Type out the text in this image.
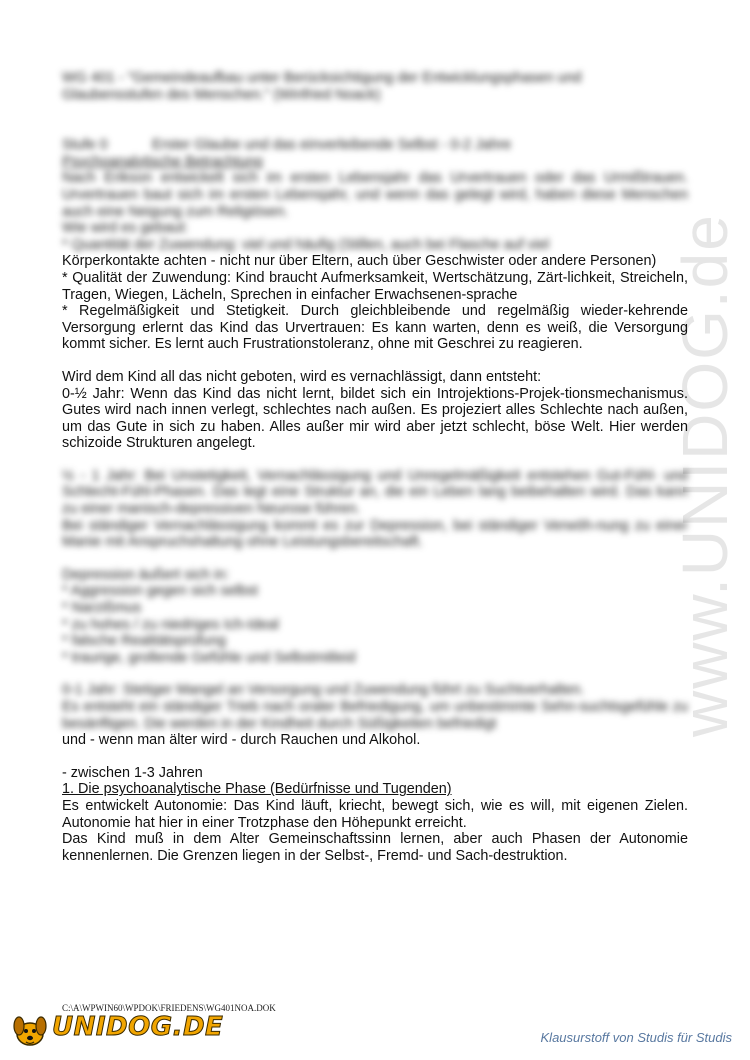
www.UNIDOG.de

WG 401 - "Gemeindeaufbau unter Berücksichtigung der Entwicklungsphasen und

Glaubensstufen des Menschen." (Winfried Noack)

Stufe 0	Erster Glaube und das einverleibende Selbst - 0-2 Jahre

Psychoanalytische Betrachtung

Nach Erikson entwickelt sich im ersten Lebensjahr das Urvertrauen oder das Urmißtrauen. Urvertrauen baut sich im ersten Lebensjahr, und wenn das gelegt wird, haben diese Menschen auch eine Neigung zum Religiösen.

Wie wird es gebaut:

* Quantität der Zuwendung: viel und häufig (Stillen, auch bei Flasche auf viel

Körperkontakte achten - nicht nur über Eltern, auch über Geschwister oder andere Personen)

* Qualität der Zuwendung: Kind braucht Aufmerksamkeit, Wertschätzung, Zärt-lichkeit, Streicheln, Tragen, Wiegen, Lächeln, Sprechen in einfacher Erwachsenen-sprache

* Regelmäßigkeit und Stetigkeit. Durch gleichbleibende und regelmäßig wieder-kehrende Versorgung erlernt das Kind das Urvertrauen: Es kann warten, denn es weiß, die Versorgung kommt sicher. Es lernt auch Frustrationstoleranz, ohne mit Geschrei zu reagieren.

Wird dem Kind all das nicht geboten, wird es vernachlässigt, dann entsteht:

0-½ Jahr: Wenn das Kind das nicht lernt, bildet sich ein Introjektions-Projek-tionsmechanismus. Gutes wird nach innen verlegt, schlechtes nach außen. Es projeziert alles Schlechte nach außen, um das Gute in sich zu haben. Alles außer mir wird aber jetzt schlecht, böse Welt. Hier werden schizoide Strukturen angelegt.

½ - 1 Jahr: Bei Unstetigkeit, Vernachlässigung und Unregelmäßigkeit entstehen Gut-Fühl- und Schlecht-Fühl-Phasen. Das legt eine Struktur an, die ein Leben lang beibehalten wird. Das kann zu einer manisch-depressiven Neurose führen.

Bei ständiger Vernachlässigung kommt es zur Depression, bei ständiger Verwöh-nung zu einer Manie mit Anspruchshaltung ohne Leistungsbereitschaft.

Depression äußert sich in:

* Aggression gegen sich selbst

* Narzißmus

* zu hohes / zu niedriges Ich-Ideal

* falsche Realitätsprüfung

* traurige, grollende Gefühle und Selbstmitleid

0-1 Jahr: Stetiger Mangel an Versorgung und Zuwendung führt zu Suchtverhalten.

Es entsteht ein ständiger Trieb nach oraler Befriedigung, um unbestimmte Sehn-suchtsgefühle zu besänftigen. Die werden in der Kindheit durch Süßigkeiten befriedigt

und - wenn man älter wird - durch Rauchen und Alkohol.

- zwischen 1-3 Jahren

1. Die psychoanalytische Phase (Bedürfnisse und Tugenden)

Es entwickelt Autonomie: Das Kind läuft, kriecht, bewegt sich, wie es will, mit eigenen Zielen. Autonomie hat hier in einer Trotzphase den Höhepunkt erreicht.

Das Kind muß in dem Alter Gemeinschaftssinn lernen, aber auch Phasen der Autonomie kennenlernen. Die Grenzen liegen in der Selbst-, Fremd- und Sach-destruktion.

C:\A\WPWIN60\WPDOK\FRIEDENS\WG401NOA.DOK
UNIDOG.DE	Klausurstoff von Studis für Studis
